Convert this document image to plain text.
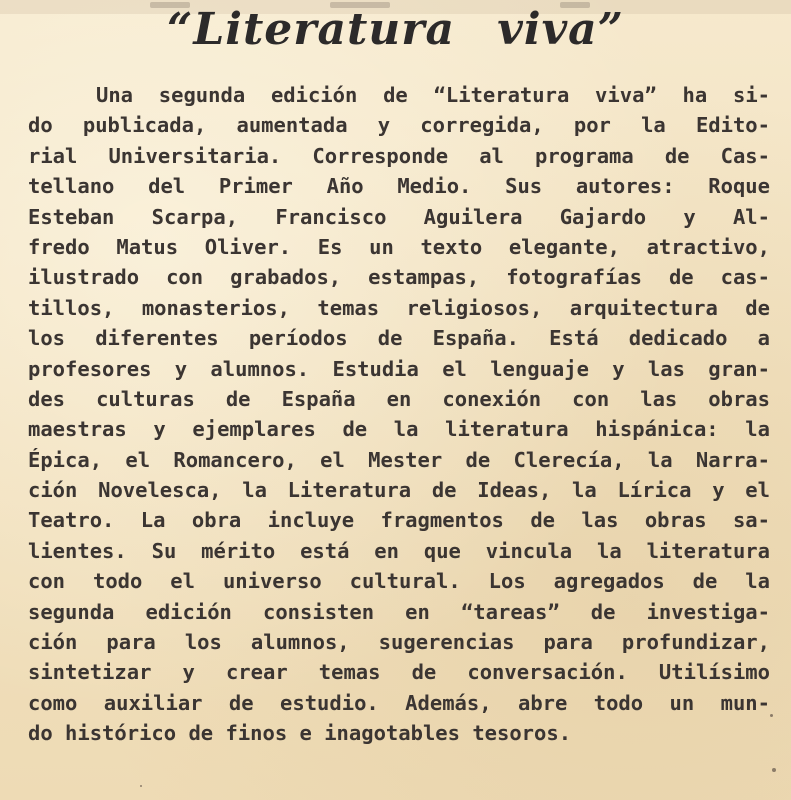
“Literatura viva”
Una segunda edición de “Literatura viva” ha si-
do publicada, aumentada y corregida, por la Edito-
rial Universitaria. Corresponde al programa de Cas-
tellano del Primer Año Medio. Sus autores: Roque
Esteban Scarpa, Francisco Aguilera Gajardo y Al-
fredo Matus Oliver. Es un texto elegante, atractivo,
ilustrado con grabados, estampas, fotografías de cas-
tillos, monasterios, temas religiosos, arquitectura de
los diferentes períodos de España. Está dedicado a
profesores y alumnos. Estudia el lenguaje y las gran-
des culturas de España en conexión con las obras
maestras y ejemplares de la literatura hispánica: la
Épica, el Romancero, el Mester de Clerecía, la Narra-
ción Novelesca, la Literatura de Ideas, la Lírica y el
Teatro. La obra incluye fragmentos de las obras sa-
lientes. Su mérito está en que vincula la literatura
con todo el universo cultural. Los agregados de la
segunda edición consisten en “tareas” de investiga-
ción para los alumnos, sugerencias para profundizar,
sintetizar y crear temas de conversación. Utilísimo
como auxiliar de estudio. Además, abre todo un mun-
do histórico de finos e inagotables tesoros.
